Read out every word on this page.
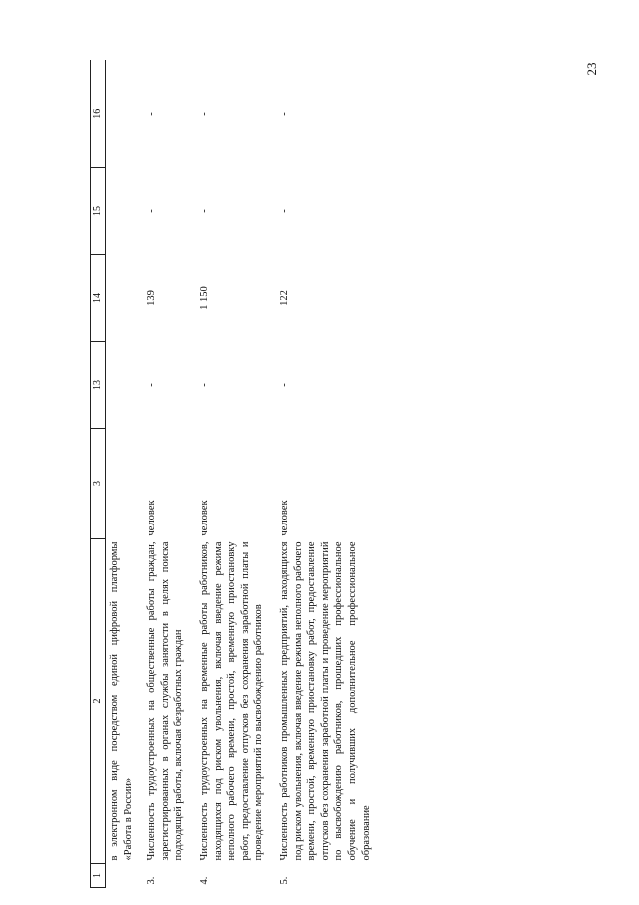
23
1	2	3	13	14	15	16
	в электронном виде посредством единой цифровой платформы «Работа в России»					
3.	Численность трудоустроенных на общественные работы граждан, зарегистрированных в органах службы занятости в целях поиска подходящей работы, включая безработных граждан	человек	-	139	-	-
4.	Численность трудоустроенных на временные работы работников, находящихся под риском увольнения, включая введение режима неполного рабочего времени, простой, временную приостановку работ, предоставление отпусков без сохранения заработной платы и проведение мероприятий по высвобождению работников	человек	-	1 150	-	-
5.	Численность работников промышленных предприятий, находящихся под риском увольнения, включая введение режима неполного рабочего времени, простой, временную приостановку работ, предоставление отпусков без сохранения заработной платы и проведение мероприятий по высвобождению работников, прошедших профессиональное обучение и получивших дополнительное профессиональное образование	человек	-	122	-	-
